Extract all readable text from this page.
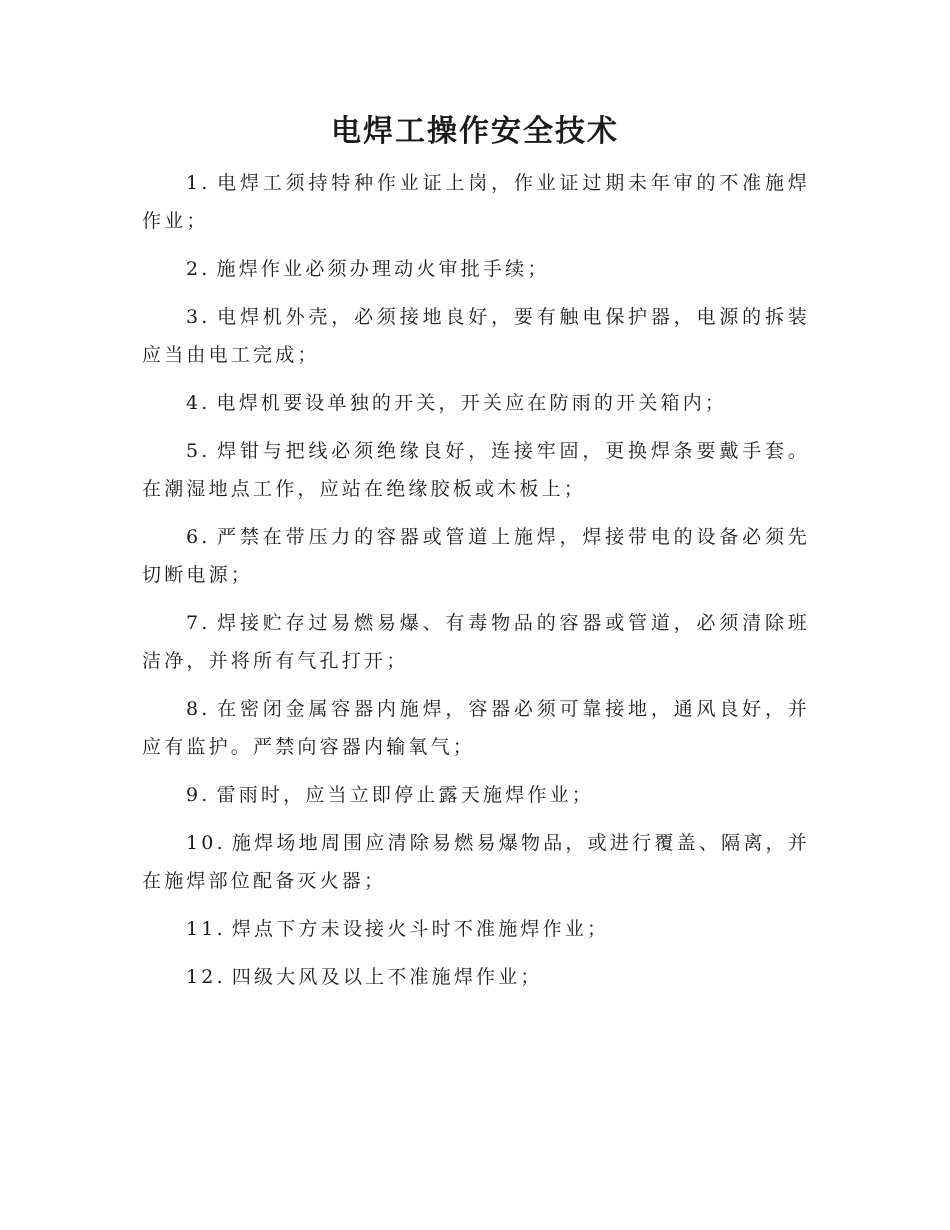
电焊工操作安全技术

1. 电焊工须持特种作业证上岗，作业证过期未年审的不准施焊作业；

2. 施焊作业必须办理动火审批手续；

3. 电焊机外壳，必须接地良好，要有触电保护器，电源的拆装应当由电工完成；

4. 电焊机要设单独的开关，开关应在防雨的开关箱内；

5. 焊钳与把线必须绝缘良好，连接牢固，更换焊条要戴手套。在潮湿地点工作，应站在绝缘胶板或木板上；

6. 严禁在带压力的容器或管道上施焊，焊接带电的设备必须先切断电源；

7. 焊接贮存过易燃易爆、有毒物品的容器或管道，必须清除班洁净，并将所有气孔打开；

8. 在密闭金属容器内施焊，容器必须可靠接地，通风良好，并应有监护。严禁向容器内输氧气；

9. 雷雨时，应当立即停止露天施焊作业；

10. 施焊场地周围应清除易燃易爆物品，或进行覆盖、隔离，并在施焊部位配备灭火器；

11. 焊点下方未设接火斗时不准施焊作业；

12. 四级大风及以上不准施焊作业；
